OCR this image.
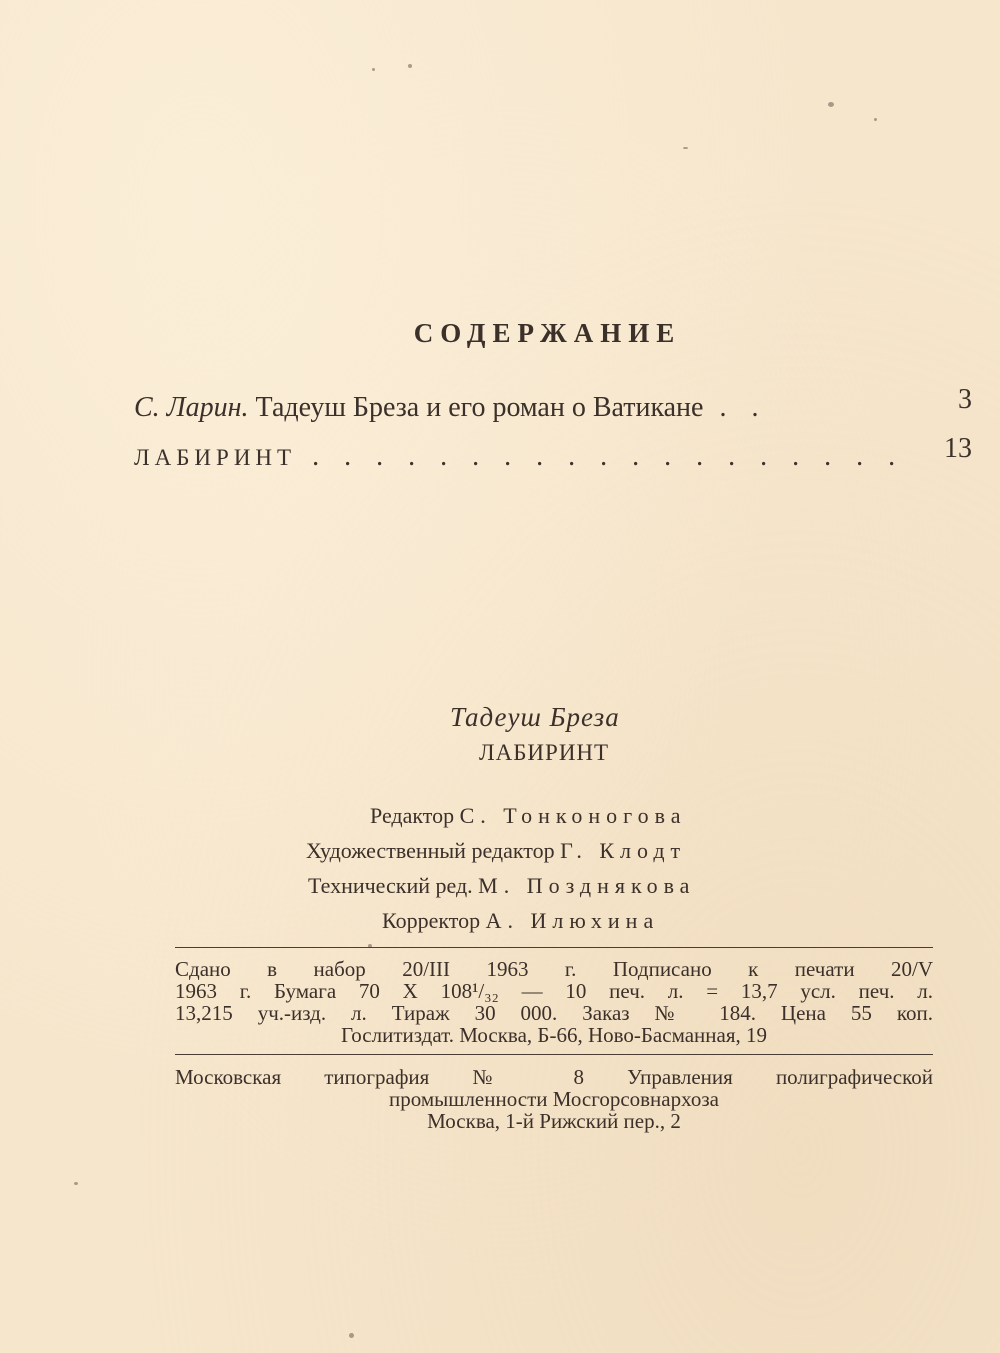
СОДЕРЖАНИЕ
С. Ларин. Тадеуш Бреза и его роман о Ватикане . .	3
ЛАБИРИНТ . . . . . . . . . . . . . . . . . . . 13
Тадеуш Бреза
ЛАБИРИНТ
Редактор С. Тонконогова
Художественный редактор Г. Клодт
Технический ред. М. Позднякова
Корректор А. Илюхина
Сдано в набор 20/III 1963 г. Подписано к печати 20/V
1963 г. Бумага 70 Х 108¹/₃₂ — 10 печ. л. = 13,7 усл. печ. л.
13,215 уч.-изд. л. Тираж 30 000. Заказ № 184. Цена 55 коп.
Гослитиздат. Москва, Б-66, Ново-Басманная, 19
Московская типография № 8 Управления полиграфической
промышленности Мосгорсовнархоза
Москва, 1-й Рижский пер., 2
